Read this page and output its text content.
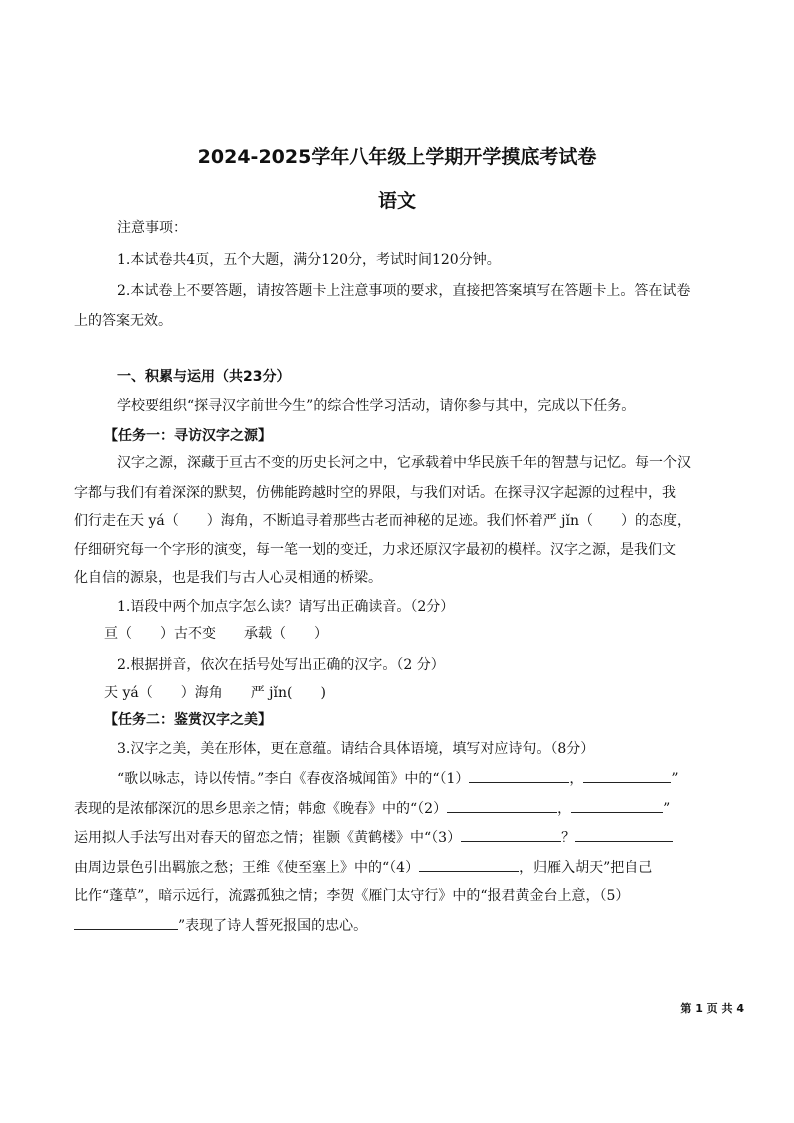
2024-2025学年八年级上学期开学摸底考试卷
语文
注意事项：
1.本试卷共4页，五个大题，满分120分，考试时间120分钟。
2.本试卷上不要答题，请按答题卡上注意事项的要求，直接把答案填写在答题卡上。答在试卷
上的答案无效。
一、积累与运用（共23分）
学校要组织“探寻汉字前世今生”的综合性学习活动，请你参与其中，完成以下任务。
【任务一：寻访汉字之源】
汉字之源，深藏于亘古不变的历史长河之中，它承载着中华民族千年的智慧与记忆。每一个汉
字都与我们有着深深的默契，仿佛能跨越时空的界限，与我们对话。在探寻汉字起源的过程中，我
们行走在天 yá（　　）海角，不断追寻着那些古老而神秘的足迹。我们怀着严 jǐn（　　）的态度，
仔细研究每一个字形的演变，每一笔一划的变迁，力求还原汉字最初的模样。汉字之源，是我们文
化自信的源泉，也是我们与古人心灵相通的桥梁。
1.语段中两个加点字怎么读？请写出正确读音。（2分）
亘（　　）古不变　　承载（　　）
2.根据拼音，依次在括号处写出正确的汉字。（2 分）
天 yá（　　）海角　　严 jǐn(　　)
【任务二：鉴赏汉字之美】
3.汉字之美，美在形体，更在意蕴。请结合具体语境，填写对应诗句。（8分）
“歌以咏志，诗以传情。”李白《春夜洛城闻笛》中的“（1）	，	”
表现的是浓郁深沉的思乡思亲之情；韩愈《晚春》中的“（2）	，	”
运用拟人手法写出对春天的留恋之情；崔颢《黄鹤楼》中“（3）	？
由周边景色引出羁旅之愁；王维《使至塞上》中的“（4）	，归雁入胡天”把自己
比作“蓬草”，暗示远行，流露孤独之情；李贺《雁门太守行》中的“报君黄金台上意，（5）
”表现了诗人誓死报国的忠心。
第 1 页 共 4
